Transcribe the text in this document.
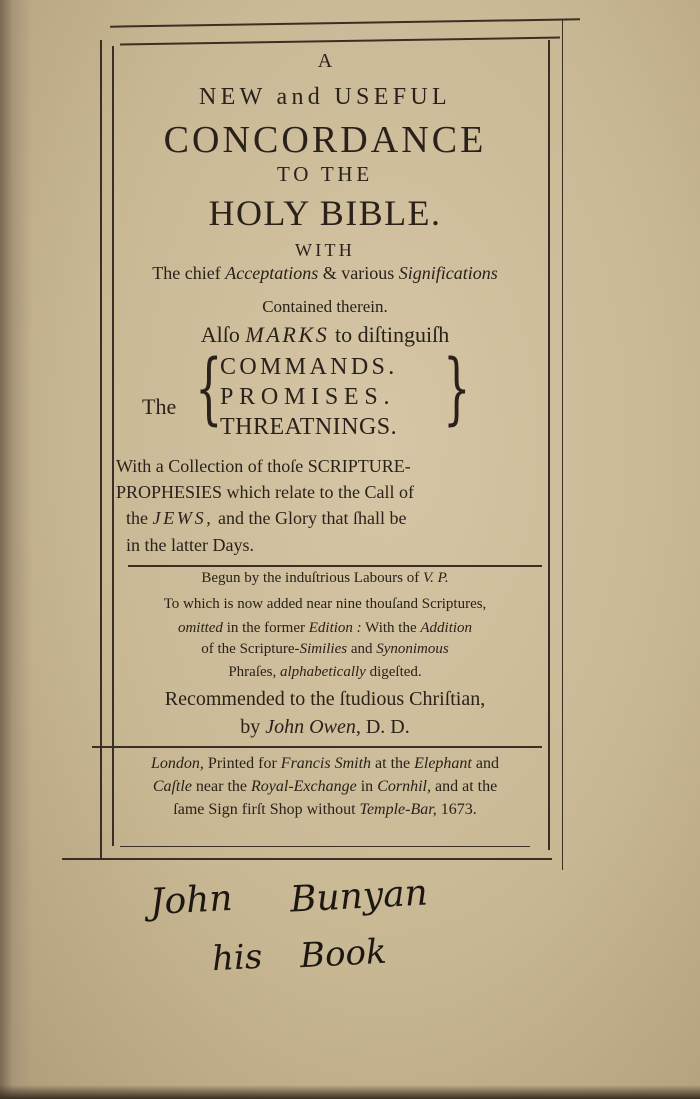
A
NEW and USEFUL
CONCORDANCE
TO THE
HOLY BIBLE.
WITH
The chief Acceptations & various Significations
Contained therein.
Alſo MARKS to diſtinguiſh
The {
COMMANDS.
PROMISES.
THREATNINGS. }
With a Collection of thoſe SCRIPTURE-
PROPHESIES which relate to the Call of
the JEWS, and the Glory that ſhall be
in the latter Days.
Begun by the induſtrious Labours of V. P.
To which is now added near nine thouſand Scriptures,
omitted in the former Edition : With the Addition
of the Scripture-Similies and Synonimous
Phraſes, alphabetically digeſted.
Recommended to the ſtudious Chriſtian,
by John Owen, D. D.
London, Printed for Francis Smith at the Elephant and
Caſtle near the Royal-Exchange in Cornhil, and at the
ſame Sign firſt Shop without Temple-Bar, 1673.
John Bunyan
his Book
